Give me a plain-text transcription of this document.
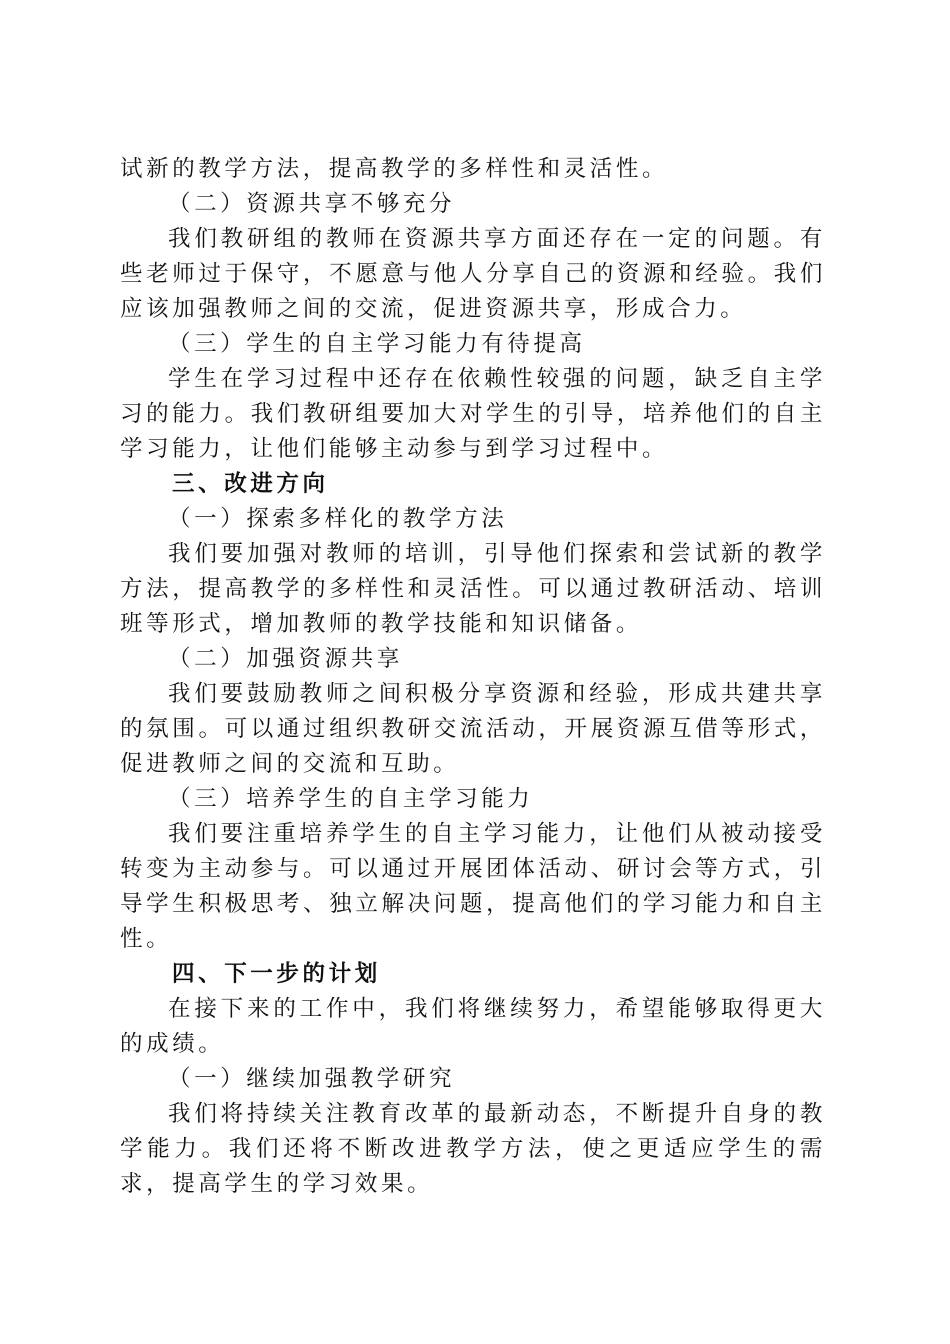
试新的教学方法，提高教学的多样性和灵活性。

（二）资源共享不够充分

我们教研组的教师在资源共享方面还存在一定的问题。有些老师过于保守，不愿意与他人分享自己的资源和经验。我们应该加强教师之间的交流，促进资源共享，形成合力。

（三）学生的自主学习能力有待提高

学生在学习过程中还存在依赖性较强的问题，缺乏自主学习的能力。我们教研组要加大对学生的引导，培养他们的自主学习能力，让他们能够主动参与到学习过程中。

三、改进方向

（一）探索多样化的教学方法

我们要加强对教师的培训，引导他们探索和尝试新的教学方法，提高教学的多样性和灵活性。可以通过教研活动、培训班等形式，增加教师的教学技能和知识储备。

（二）加强资源共享

我们要鼓励教师之间积极分享资源和经验，形成共建共享的氛围。可以通过组织教研交流活动，开展资源互借等形式，促进教师之间的交流和互助。

（三）培养学生的自主学习能力

我们要注重培养学生的自主学习能力，让他们从被动接受转变为主动参与。可以通过开展团体活动、研讨会等方式，引导学生积极思考、独立解决问题，提高他们的学习能力和自主性。

四、下一步的计划

在接下来的工作中，我们将继续努力，希望能够取得更大的成绩。

（一）继续加强教学研究

我们将持续关注教育改革的最新动态，不断提升自身的教学能力。我们还将不断改进教学方法，使之更适应学生的需求，提高学生的学习效果。
